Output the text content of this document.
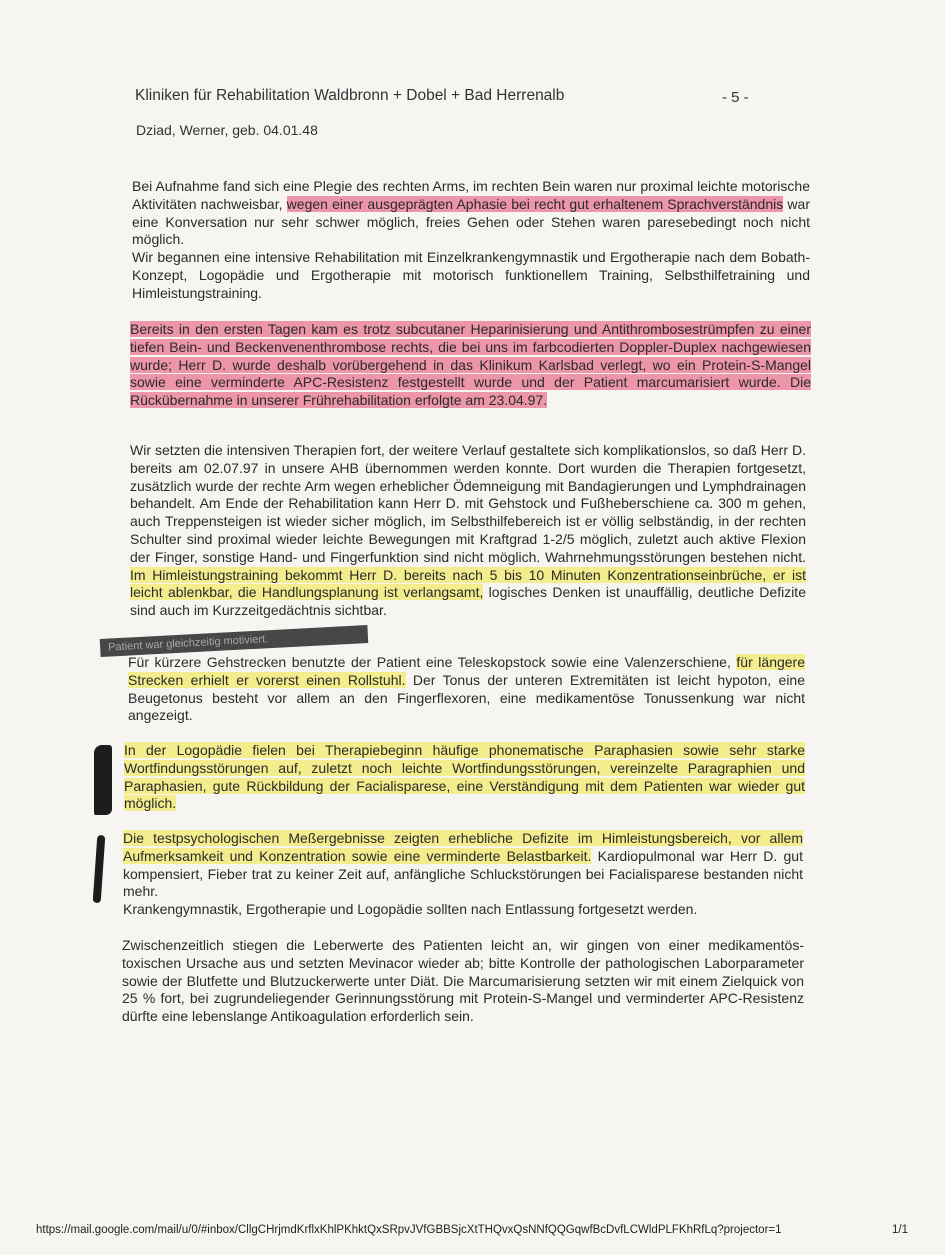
Kliniken für Rehabilitation Waldbronn + Dobel + Bad Herrenalb	- 5 -
Dziad, Werner, geb. 04.01.48

Bei Aufnahme fand sich eine Plegie des rechten Arms, im rechten Bein waren nur proximal leichte motorische Aktivitäten nachweisbar, wegen einer ausgeprägten Aphasie bei recht gut erhaltenem Sprachverständnis war eine Konversation nur sehr schwer möglich, freies Gehen oder Stehen waren paresebedingt noch nicht möglich.
Wir begannen eine intensive Rehabilitation mit Einzelkrankengymnastik und Ergotherapie nach dem Bobath-Konzept, Logopädie und Ergotherapie mit motorisch funktionellem Training, Selbsthilfetraining und Himleistungstraining.

Bereits in den ersten Tagen kam es trotz subcutaner Heparinisierung und Antithrombosestrümpfen zu einer tiefen Bein- und Beckenvenenthrombose rechts, die bei uns im farbcodierten Doppler-Duplex nachgewiesen wurde; Herr D. wurde deshalb vorübergehend in das Klinikum Karlsbad verlegt, wo ein Protein-S-Mangel sowie eine verminderte APC-Resistenz festgestellt wurde und der Patient marcumarisiert wurde. Die Rückübernahme in unserer Frührehabilitation erfolgte am 23.04.97.

Wir setzten die intensiven Therapien fort, der weitere Verlauf gestaltete sich komplikationslos, so daß Herr D. bereits am 02.07.97 in unsere AHB übernommen werden konnte. Dort wurden die Therapien fortgesetzt, zusätzlich wurde der rechte Arm wegen erheblicher Ödemneigung mit Bandagierungen und Lymphdrainagen behandelt. Am Ende der Rehabilitation kann Herr D. mit Gehstock und Fußheberschiene ca. 300 m gehen, auch Treppensteigen ist wieder sicher möglich, im Selbsthilfebereich ist er völlig selbständig, in der rechten Schulter sind proximal wieder leichte Bewegungen mit Kraftgrad 1-2/5 möglich, zuletzt auch aktive Flexion der Finger, sonstige Hand- und Fingerfunktion sind nicht möglich. Wahrnehmungsstörungen bestehen nicht. Im Himleistungstraining bekommt Herr D. bereits nach 5 bis 10 Minuten Konzentrationseinbrüche, er ist leicht ablenkbar, die Handlungsplanung ist verlangsamt, logisches Denken ist unauffällig, deutliche Defizite sind auch im Kurzzeitgedächtnis sichtbar.

Patient war gleichzeitig motiviert.

Für kürzere Gehstrecken benutzte der Patient eine Teleskopstock sowie eine Valenzerschiene, für längere Strecken erhielt er vorerst einen Rollstuhl. Der Tonus der unteren Extremitäten ist leicht hypoton, eine Beugetonus besteht vor allem an den Fingerflexoren, eine medikamentöse Tonussenkung war nicht angezeigt.

In der Logopädie fielen bei Therapiebeginn häufige phonematische Paraphasien sowie sehr starke Wortfindungsstörungen auf, zuletzt noch leichte Wortfindungsstörungen, vereinzelte Paragraphien und Paraphasien, gute Rückbildung der Facialisparese, eine Verständigung mit dem Patienten war wieder gut möglich.

Die testpsychologischen Meßergebnisse zeigten erhebliche Defizite im Himleistungsbereich, vor allem Aufmerksamkeit und Konzentration sowie eine verminderte Belastbarkeit. Kardiopulmonal war Herr D. gut kompensiert, Fieber trat zu keiner Zeit auf, anfängliche Schluckstörungen bei Facialisparese bestanden nicht mehr.
Krankengymnastik, Ergotherapie und Logopädie sollten nach Entlassung fortgesetzt werden.

Zwischenzeitlich stiegen die Leberwerte des Patienten leicht an, wir gingen von einer medikamentös-toxischen Ursache aus und setzten Mevinacor wieder ab; bitte Kontrolle der pathologischen Laborparameter sowie der Blutfette und Blutzuckerwerte unter Diät. Die Marcumarisierung setzten wir mit einem Zielquick von 25 % fort, bei zugrundeliegender Gerinnungsstörung mit Protein-S-Mangel und verminderter APC-Resistenz dürfte eine lebenslange Antikoagulation erforderlich sein.

https://mail.google.com/mail/u/0/#inbox/CllgCHrjmdKrflxKhlPKhktQxSRpvJVfGBBSjcXtTHQvxQsNNfQQGqwfBcDvfLCWldPLFKhRfLq?projector=1	1/1
